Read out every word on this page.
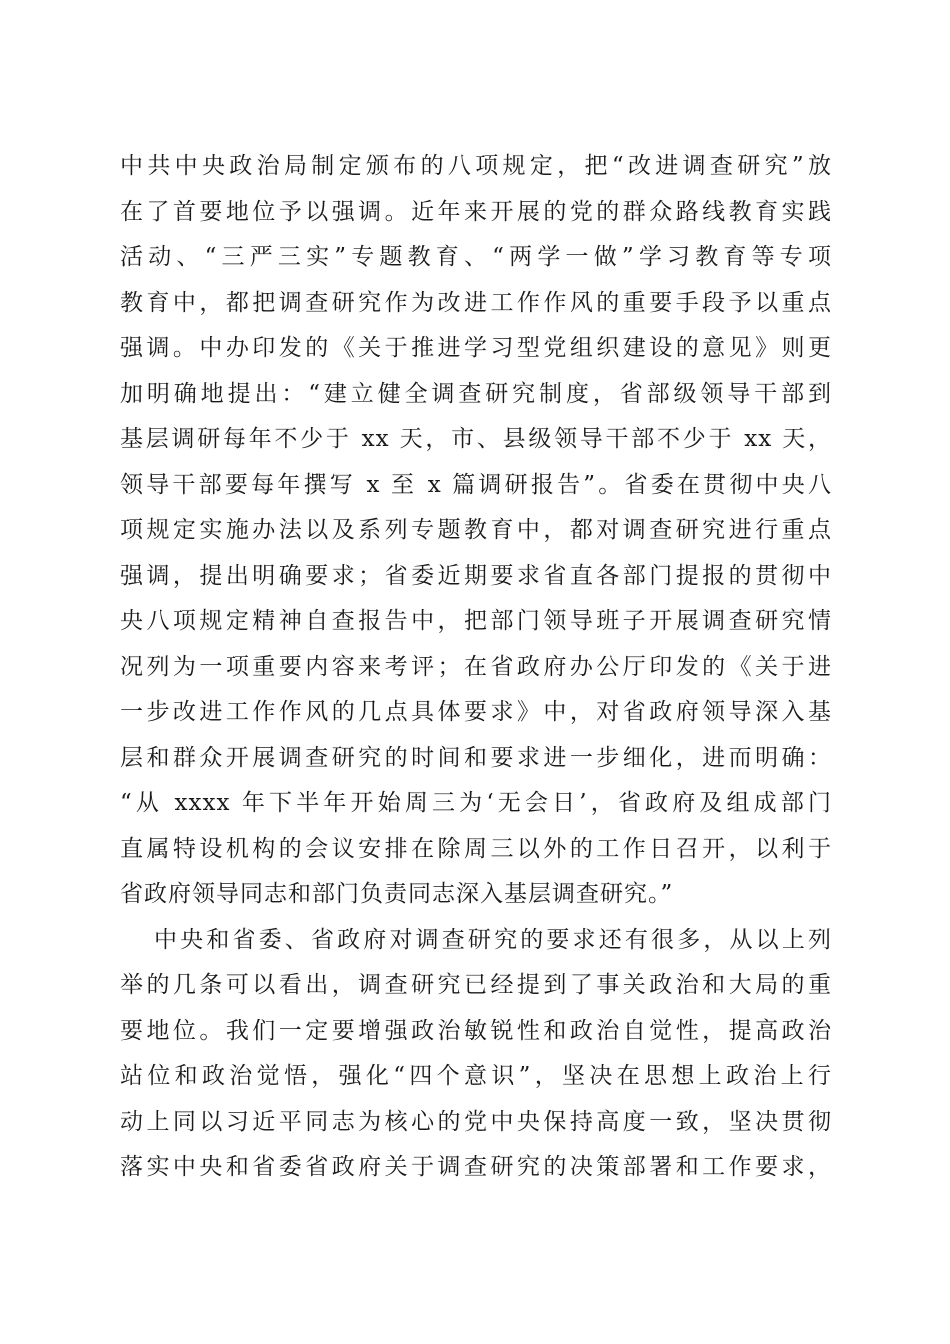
中共中央政治局制定颁布的八项规定，把“改进调查研究”放
在了首要地位予以强调。近年来开展的党的群众路线教育实践
活动、“三严三实”专题教育、“两学一做”学习教育等专项
教育中，都把调查研究作为改进工作作风的重要手段予以重点
强调。中办印发的《关于推进学习型党组织建设的意见》则更
加明确地提出：“建立健全调查研究制度，省部级领导干部到
基层调研每年不少于 xx 天，市、县级领导干部不少于 xx 天，
领导干部要每年撰写 x 至 x 篇调研报告”。省委在贯彻中央八
项规定实施办法以及系列专题教育中，都对调查研究进行重点
强调，提出明确要求；省委近期要求省直各部门提报的贯彻中
央八项规定精神自查报告中，把部门领导班子开展调查研究情
况列为一项重要内容来考评；在省政府办公厅印发的《关于进
一步改进工作作风的几点具体要求》中，对省政府领导深入基
层和群众开展调查研究的时间和要求进一步细化，进而明确：
“从 xxxx 年下半年开始周三为‘无会日’，省政府及组成部门
直属特设机构的会议安排在除周三以外的工作日召开，以利于
省政府领导同志和部门负责同志深入基层调查研究。”
中央和省委、省政府对调查研究的要求还有很多，从以上列
举的几条可以看出，调查研究已经提到了事关政治和大局的重
要地位。我们一定要增强政治敏锐性和政治自觉性，提高政治
站位和政治觉悟，强化“四个意识”，坚决在思想上政治上行
动上同以习近平同志为核心的党中央保持高度一致，坚决贯彻
落实中央和省委省政府关于调查研究的决策部署和工作要求，
